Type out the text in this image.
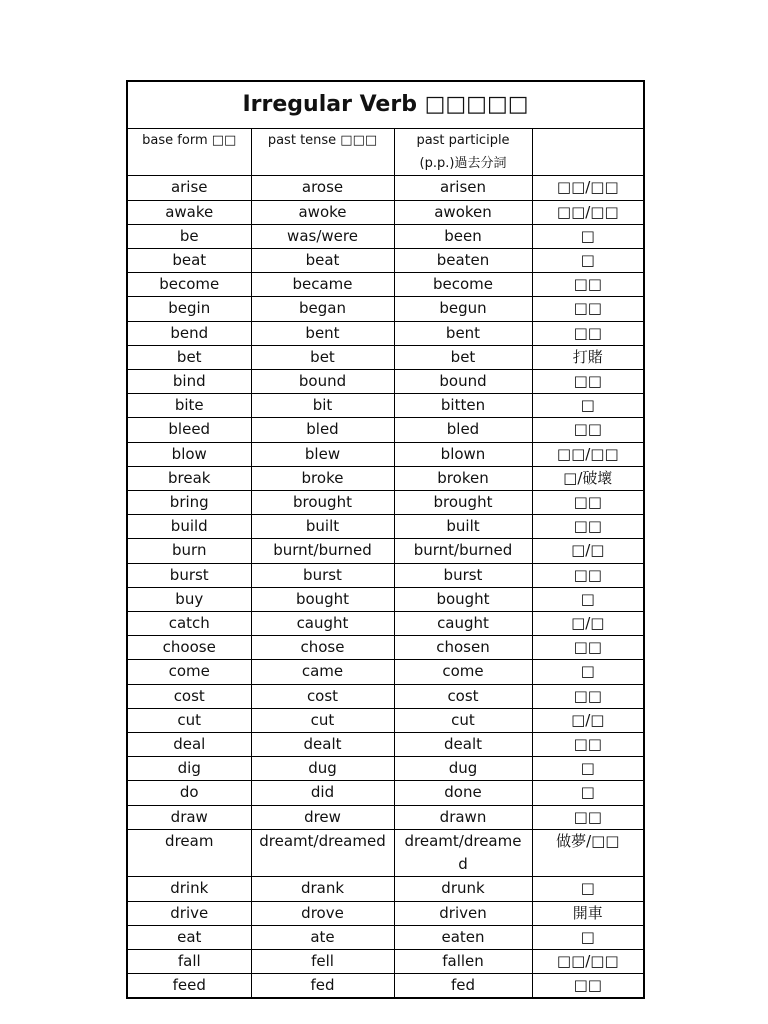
Irregular Verb □□□□□			

base form □□	past tense □□□	past participle
(p.p.)過去分詞	

arise	arose	arisen	□□/□□
awake	awoke	awoken	□□/□□
be	was/were	been	□
beat	beat	beaten	□
become	became	become	□□
begin	began	begun	□□
bend	bent	bent	□□
bet	bet	bet	打賭
bind	bound	bound	□□
bite	bit	bitten	□
bleed	bled	bled	□□
blow	blew	blown	□□/□□
break	broke	broken	□/破壞
bring	brought	brought	□□
build	built	built	□□
burn	burnt/burned	burnt/burned	□/□
burst	burst	burst	□□
buy	bought	bought	□
catch	caught	caught	□/□
choose	chose	chosen	□□
come	came	come	□
cost	cost	cost	□□
cut	cut	cut	□/□
deal	dealt	dealt	□□
dig	dug	dug	□
do	did	done	□
draw	drew	drawn	□□
dream	dreamt/dreamed	dreamt/dreamed	做夢/□□
drink	drank	drunk	□
drive	drove	driven	開車
eat	ate	eaten	□
fall	fell	fallen	□□/□□
feed	fed	fed	□□
